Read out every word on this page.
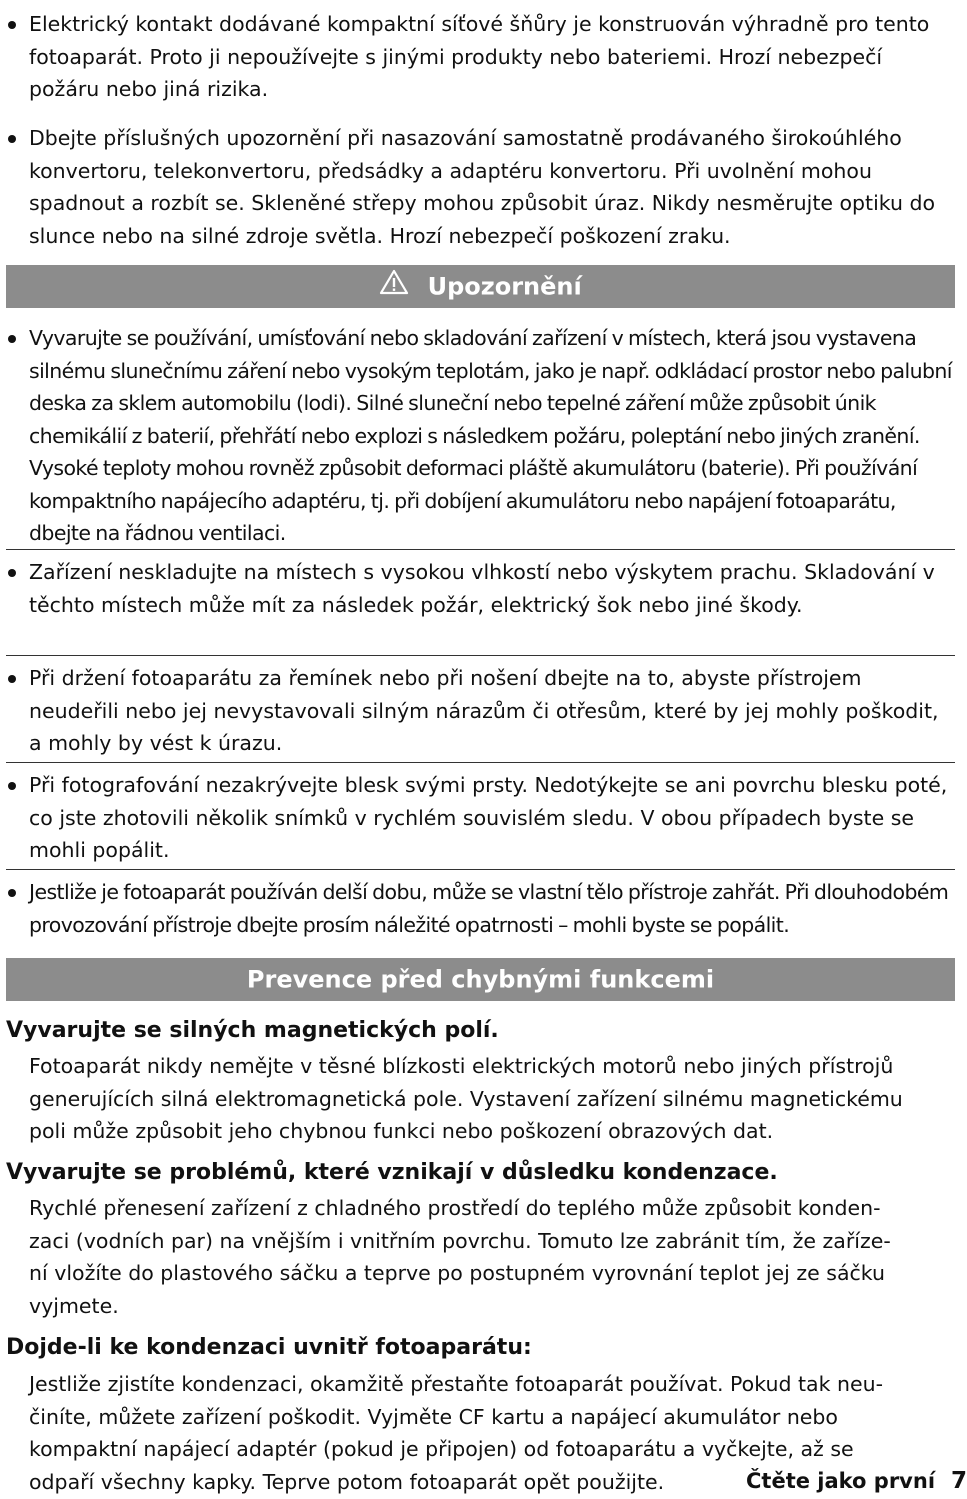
Elektrický kontakt dodávané kompaktní síťové šňůry je konstruován výhradně pro tento fotoaparát. Proto ji nepoužívejte s jinými produkty nebo bateriemi. Hrozí nebezpečí požáru nebo jiná rizika.
Dbejte příslušných upozornění při nasazování samostatně prodávaného širokoúhlého konvertoru, telekonvertoru, předsádky a adaptéru konvertoru. Při uvolnění mohou spadnout a rozbít se. Skleněné střepy mohou způsobit úraz. Nikdy nesměrujte optiku do slunce nebo na silné zdroje světla. Hrozí nebezpečí poškození zraku.
Upozornění
Vyvarujte se používání, umísťování nebo skladování zařízení v místech, která jsou vystavena silnému slunečnímu záření nebo vysokým teplotám, jako je např. odkládací prostor nebo palubní deska za sklem automobilu (lodi). Silné sluneční nebo tepelné záření může způsobit únik chemikálií z baterií, přehřátí nebo explozi s následkem požáru, poleptání nebo jiných zranění. Vysoké teploty mohou rovněž způsobit deformaci pláště akumulátoru (baterie). Při používání kompaktního napájecího adaptéru, tj. při dobíjení akumulátoru nebo napájení fotoaparátu, dbejte na řádnou ventilaci.
Zařízení neskladujte na místech s vysokou vlhkostí nebo výskytem prachu. Skladování v těchto místech může mít za následek požár, elektrický šok nebo jiné škody.
Při držení fotoaparátu za řemínek nebo při nošení dbejte na to, abyste přístrojem neudeřili nebo jej nevystavovali silným nárazům či otřesům, které by jej mohly poškodit, a mohly by vést k úrazu.
Při fotografování nezakrývejte blesk svými prsty. Nedotýkejte se ani povrchu blesku poté, co jste zhotovili několik snímků v rychlém souvislém sledu. V obou případech byste se mohli popálit.
Jestliže je fotoaparát používán delší dobu, může se vlastní tělo přístroje zahřát. Při dlouhodobém provozování přístroje dbejte prosím náležité opatrnosti – mohli byste se popálit.
Prevence před chybnými funkcemi
Vyvarujte se silných magnetických polí.
Fotoaparát nikdy nemějte v těsné blízkosti elektrických motorů nebo jiných přístrojů
generujících silná elektromagnetická pole. Vystavení zařízení silnému magnetickému
poli může způsobit jeho chybnou funkci nebo poškození obrazových dat.
Vyvarujte se problémů, které vznikají v důsledku kondenzace.
Rychlé přenesení zařízení z chladného prostředí do teplého může způsobit konden-
zaci (vodních par) na vnějším i vnitřním povrchu. Tomuto lze zabránit tím, že zaříze-
ní vložíte do plastového sáčku a teprve po postupném vyrovnání teplot jej ze sáčku
vyjmete.
Dojde-li ke kondenzaci uvnitř fotoaparátu:
Jestliže zjistíte kondenzaci, okamžitě přestaňte fotoaparát používat. Pokud tak neu-
činíte, můžete zařízení poškodit. Vyjměte CF kartu a napájecí akumulátor nebo
kompaktní napájecí adaptér (pokud je připojen) od fotoaparátu a vyčkejte, až se
odpaří všechny kapky. Teprve potom fotoaparát opět použijte.	Čtěte jako první 7
